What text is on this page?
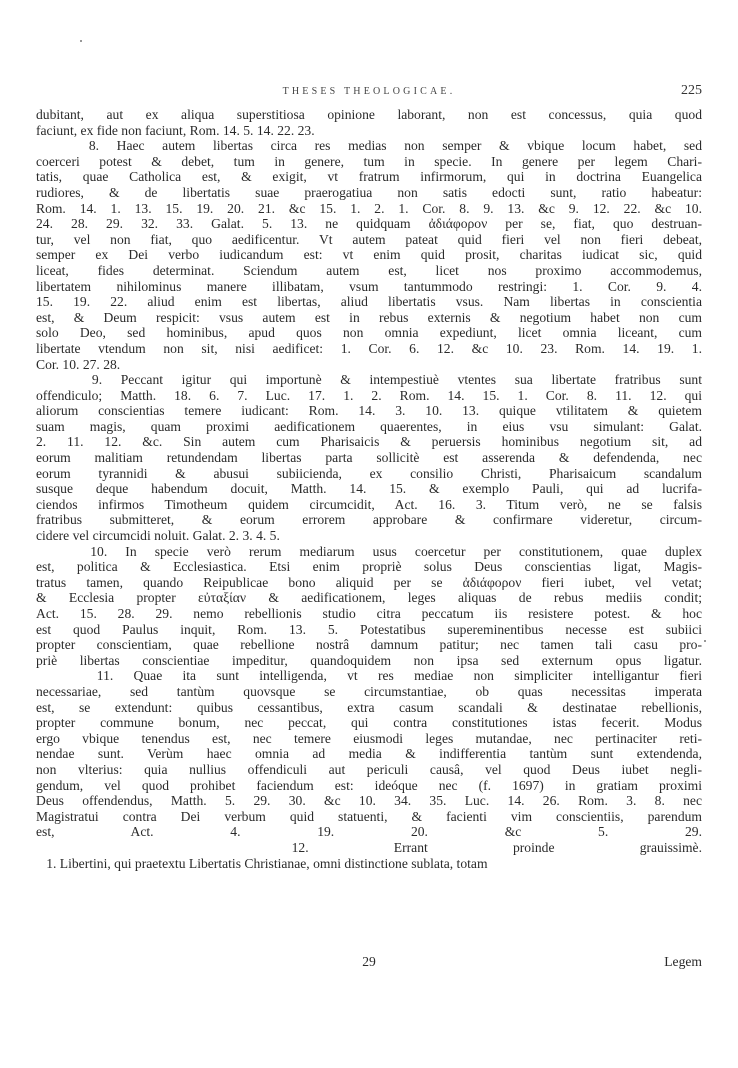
THESES THEOLOGICAE.	225
dubitant, aut ex aliqua superstitiosa opinione laborant, non est concessus, quia quod
faciunt, ex fide non faciunt, Rom. 14. 5. 14. 22. 23.
8. Haec autem libertas circa res medias non semper & vbique locum habet, sed
coerceri potest & debet, tum in genere, tum in specie. In genere per legem Chari-
tatis, quae Catholica est, & exigit, vt fratrum infirmorum, qui in doctrina Euangelica
rudiores, & de libertatis suae praerogatiua non satis edocti sunt, ratio habeatur:
Rom. 14. 1. 13. 15. 19. 20. 21. &c 15. 1. 2. 1. Cor. 8. 9. 13. &c 9. 12. 22. &c 10.
24. 28. 29. 32. 33. Galat. 5. 13. ne quidquam ἀδιάφορον per se, fiat, quo destruan-
tur, vel non fiat, quo aedificentur. Vt autem pateat quid fieri vel non fieri debeat,
semper ex Dei verbo iudicandum est: vt enim quid prosit, charitas iudicat sic, quid
liceat, fides determinat. Sciendum autem est, licet nos proximo accommodemus,
libertatem nihilominus manere illibatam, vsum tantummodo restringi: 1. Cor. 9. 4.
15. 19. 22. aliud enim est libertas, aliud libertatis vsus. Nam libertas in conscientia
est, & Deum respicit: vsus autem est in rebus externis & negotium habet non cum
solo Deo, sed hominibus, apud quos non omnia expediunt, licet omnia liceant, cum
libertate vtendum non sit, nisi aedificet: 1. Cor. 6. 12. &c 10. 23. Rom. 14. 19. 1.
Cor. 10. 27. 28.
9. Peccant igitur qui importunè & intempestiuè vtentes sua libertate fratribus sunt
offendiculo; Matth. 18. 6. 7. Luc. 17. 1. 2. Rom. 14. 15. 1. Cor. 8. 11. 12. qui
aliorum conscientias temere iudicant: Rom. 14. 3. 10. 13. quique vtilitatem & quietem
suam magis, quam proximi aedificationem quaerentes, in eius vsu simulant: Galat.
2. 11. 12. &c. Sin autem cum Pharisaicis & peruersis hominibus negotium sit, ad
eorum malitiam retundendam libertas parta sollicitè est asserenda & defendenda, nec
eorum tyrannidi & abusui subiicienda, ex consilio Christi, Pharisaicum scandalum
susque deque habendum docuit, Matth. 14. 15. & exemplo Pauli, qui ad lucrifa-
ciendos infirmos Timotheum quidem circumcidit, Act. 16. 3. Titum verò, ne se falsis
fratribus submitteret, & eorum errorem approbare & confirmare videretur, circum-
cidere vel circumcidi noluit. Galat. 2. 3. 4. 5.
10. In specie verò rerum mediarum usus coercetur per constitutionem, quae duplex
est, politica & Ecclesiastica. Etsi enim propriè solus Deus conscientias ligat, Magis-
tratus tamen, quando Reipublicae bono aliquid per se ἀδιάφορον fieri iubet, vel vetat;
& Ecclesia propter εὐταξίαν & aedificationem, leges aliquas de rebus mediis condit;
Act. 15. 28. 29. nemo rebellionis studio citra peccatum iis resistere potest. & hoc
est quod Paulus inquit, Rom. 13. 5. Potestatibus supereminentibus necesse est subiici
propter conscientiam, quae rebellione nostrâ damnum patitur; nec tamen tali casu pro-
priè libertas conscientiae impeditur, quandoquidem non ipsa sed externum opus ligatur.
11. Quae ita sunt intelligenda, vt res mediae non simpliciter intelligantur fieri
necessariae, sed tantùm quovsque se circumstantiae, ob quas necessitas imperata
est, se extendunt: quibus cessantibus, extra casum scandali & destinatae rebellionis,
propter commune bonum, nec peccat, qui contra constitutiones istas fecerit. Modus
ergo vbique tenendus est, nec temere eiusmodi leges mutandae, nec pertinaciter reti-
nendae sunt. Verùm haec omnia ad media & indifferentia tantùm sunt extendenda,
non vlterius: quia nullius offendiculi aut periculi causâ, vel quod Deus iubet negli-
gendum, vel quod prohibet faciendum est: ideóque nec (f. 1697) in gratiam proximi
Deus offendendus, Matth. 5. 29. 30. &c 10. 34. 35. Luc. 14. 26. Rom. 3. 8. nec
Magistratui contra Dei verbum quid statuenti, & facienti vim conscientiis, parendum
est, Act. 4. 19. 20. &c 5. 29.
12. Errant proinde grauissimè.
1. Libertini, qui praetextu Libertatis Christianae, omni distinctione sublata, totam
29	Legem
